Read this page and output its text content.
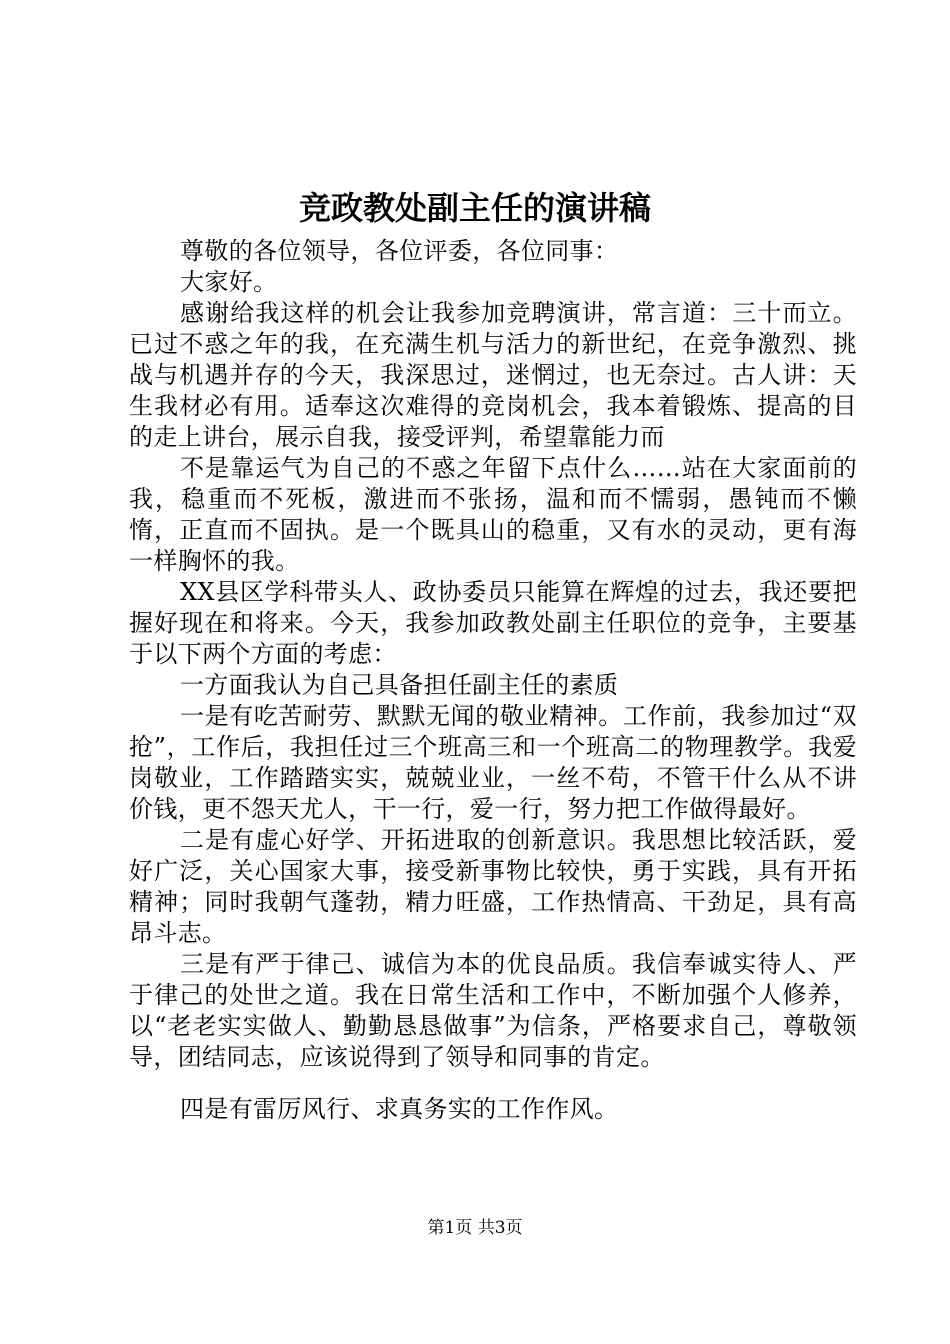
竞政教处副主任的演讲稿

尊敬的各位领导，各位评委，各位同事：

大家好。

感谢给我这样的机会让我参加竞聘演讲，常言道：三十而立。已过不惑之年的我，在充满生机与活力的新世纪，在竞争激烈、挑战与机遇并存的今天，我深思过，迷惘过，也无奈过。古人讲：天生我材必有用。适奉这次难得的竞岗机会，我本着锻炼、提高的目的走上讲台，展示自我，接受评判，希望靠能力而

不是靠运气为自己的不惑之年留下点什么……站在大家面前的我，稳重而不死板，激进而不张扬，温和而不懦弱，愚钝而不懒惰，正直而不固执。是一个既具山的稳重，又有水的灵动，更有海一样胸怀的我。

XX县区学科带头人、政协委员只能算在辉煌的过去，我还要把握好现在和将来。今天，我参加政教处副主任职位的竞争，主要基于以下两个方面的考虑：

一方面我认为自己具备担任副主任的素质

一是有吃苦耐劳、默默无闻的敬业精神。工作前，我参加过“双抢”，工作后，我担任过三个班高三和一个班高二的物理教学。我爱岗敬业，工作踏踏实实，兢兢业业，一丝不苟，不管干什么从不讲价钱，更不怨天尤人，干一行，爱一行，努力把工作做得最好。

二是有虚心好学、开拓进取的创新意识。我思想比较活跃，爱好广泛，关心国家大事，接受新事物比较快，勇于实践，具有开拓精神；同时我朝气蓬勃，精力旺盛，工作热情高、干劲足，具有高昂斗志。

三是有严于律己、诚信为本的优良品质。我信奉诚实待人、严于律己的处世之道。我在日常生活和工作中，不断加强个人修养，以“老老实实做人、勤勤恳恳做事”为信条，严格要求自己，尊敬领导，团结同志，应该说得到了领导和同事的肯定。

四是有雷厉风行、求真务实的工作作风。

第1页 共3页
